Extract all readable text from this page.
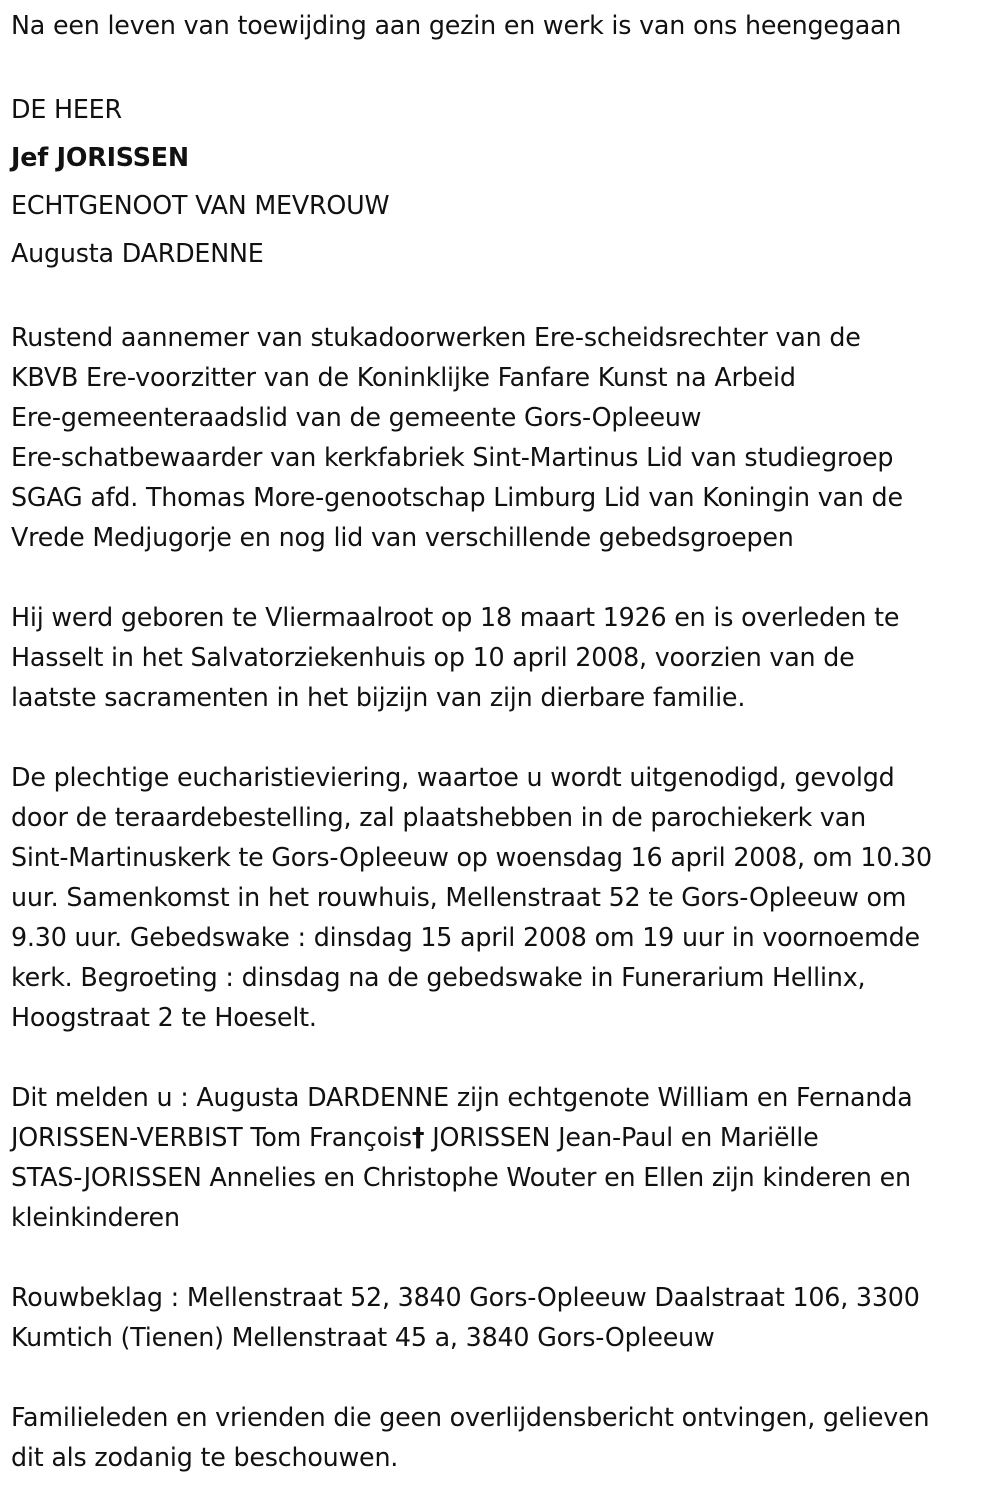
Na een leven van toewijding aan gezin en werk is van ons heengegaan
DE HEER
Jef JORISSEN
ECHTGENOOT VAN MEVROUW
Augusta DARDENNE
Rustend aannemer van stukadoorwerken Ere-scheidsrechter van de
KBVB Ere-voorzitter van de Koninklijke Fanfare Kunst na Arbeid
Ere-gemeenteraadslid van de gemeente Gors-Opleeuw
Ere-schatbewaarder van kerkfabriek Sint-Martinus Lid van studiegroep
SGAG afd. Thomas More-genootschap Limburg Lid van Koningin van de
Vrede Medjugorje en nog lid van verschillende gebedsgroepen
Hij werd geboren te Vliermaalroot op 18 maart 1926 en is overleden te
Hasselt in het Salvatorziekenhuis op 10 april 2008, voorzien van de
laatste sacramenten in het bijzijn van zijn dierbare familie.
De plechtige eucharistieviering, waartoe u wordt uitgenodigd, gevolgd
door de teraardebestelling, zal plaatshebben in de parochiekerk van
Sint-Martinuskerk te Gors-Opleeuw op woensdag 16 april 2008, om 10.30
uur. Samenkomst in het rouwhuis, Mellenstraat 52 te Gors-Opleeuw om
9.30 uur. Gebedswake : dinsdag 15 april 2008 om 19 uur in voornoemde
kerk. Begroeting : dinsdag na de gebedswake in Funerarium Hellinx,
Hoogstraat 2 te Hoeselt.
Dit melden u : Augusta DARDENNE zijn echtgenote William en Fernanda
JORISSEN-VERBIST Tom François† JORISSEN Jean-Paul en Mariëlle
STAS-JORISSEN Annelies en Christophe Wouter en Ellen zijn kinderen en
kleinkinderen
Rouwbeklag : Mellenstraat 52, 3840 Gors-Opleeuw Daalstraat 106, 3300
Kumtich (Tienen) Mellenstraat 45 a, 3840 Gors-Opleeuw
Familieleden en vrienden die geen overlijdensbericht ontvingen, gelieven
dit als zodanig te beschouwen.
